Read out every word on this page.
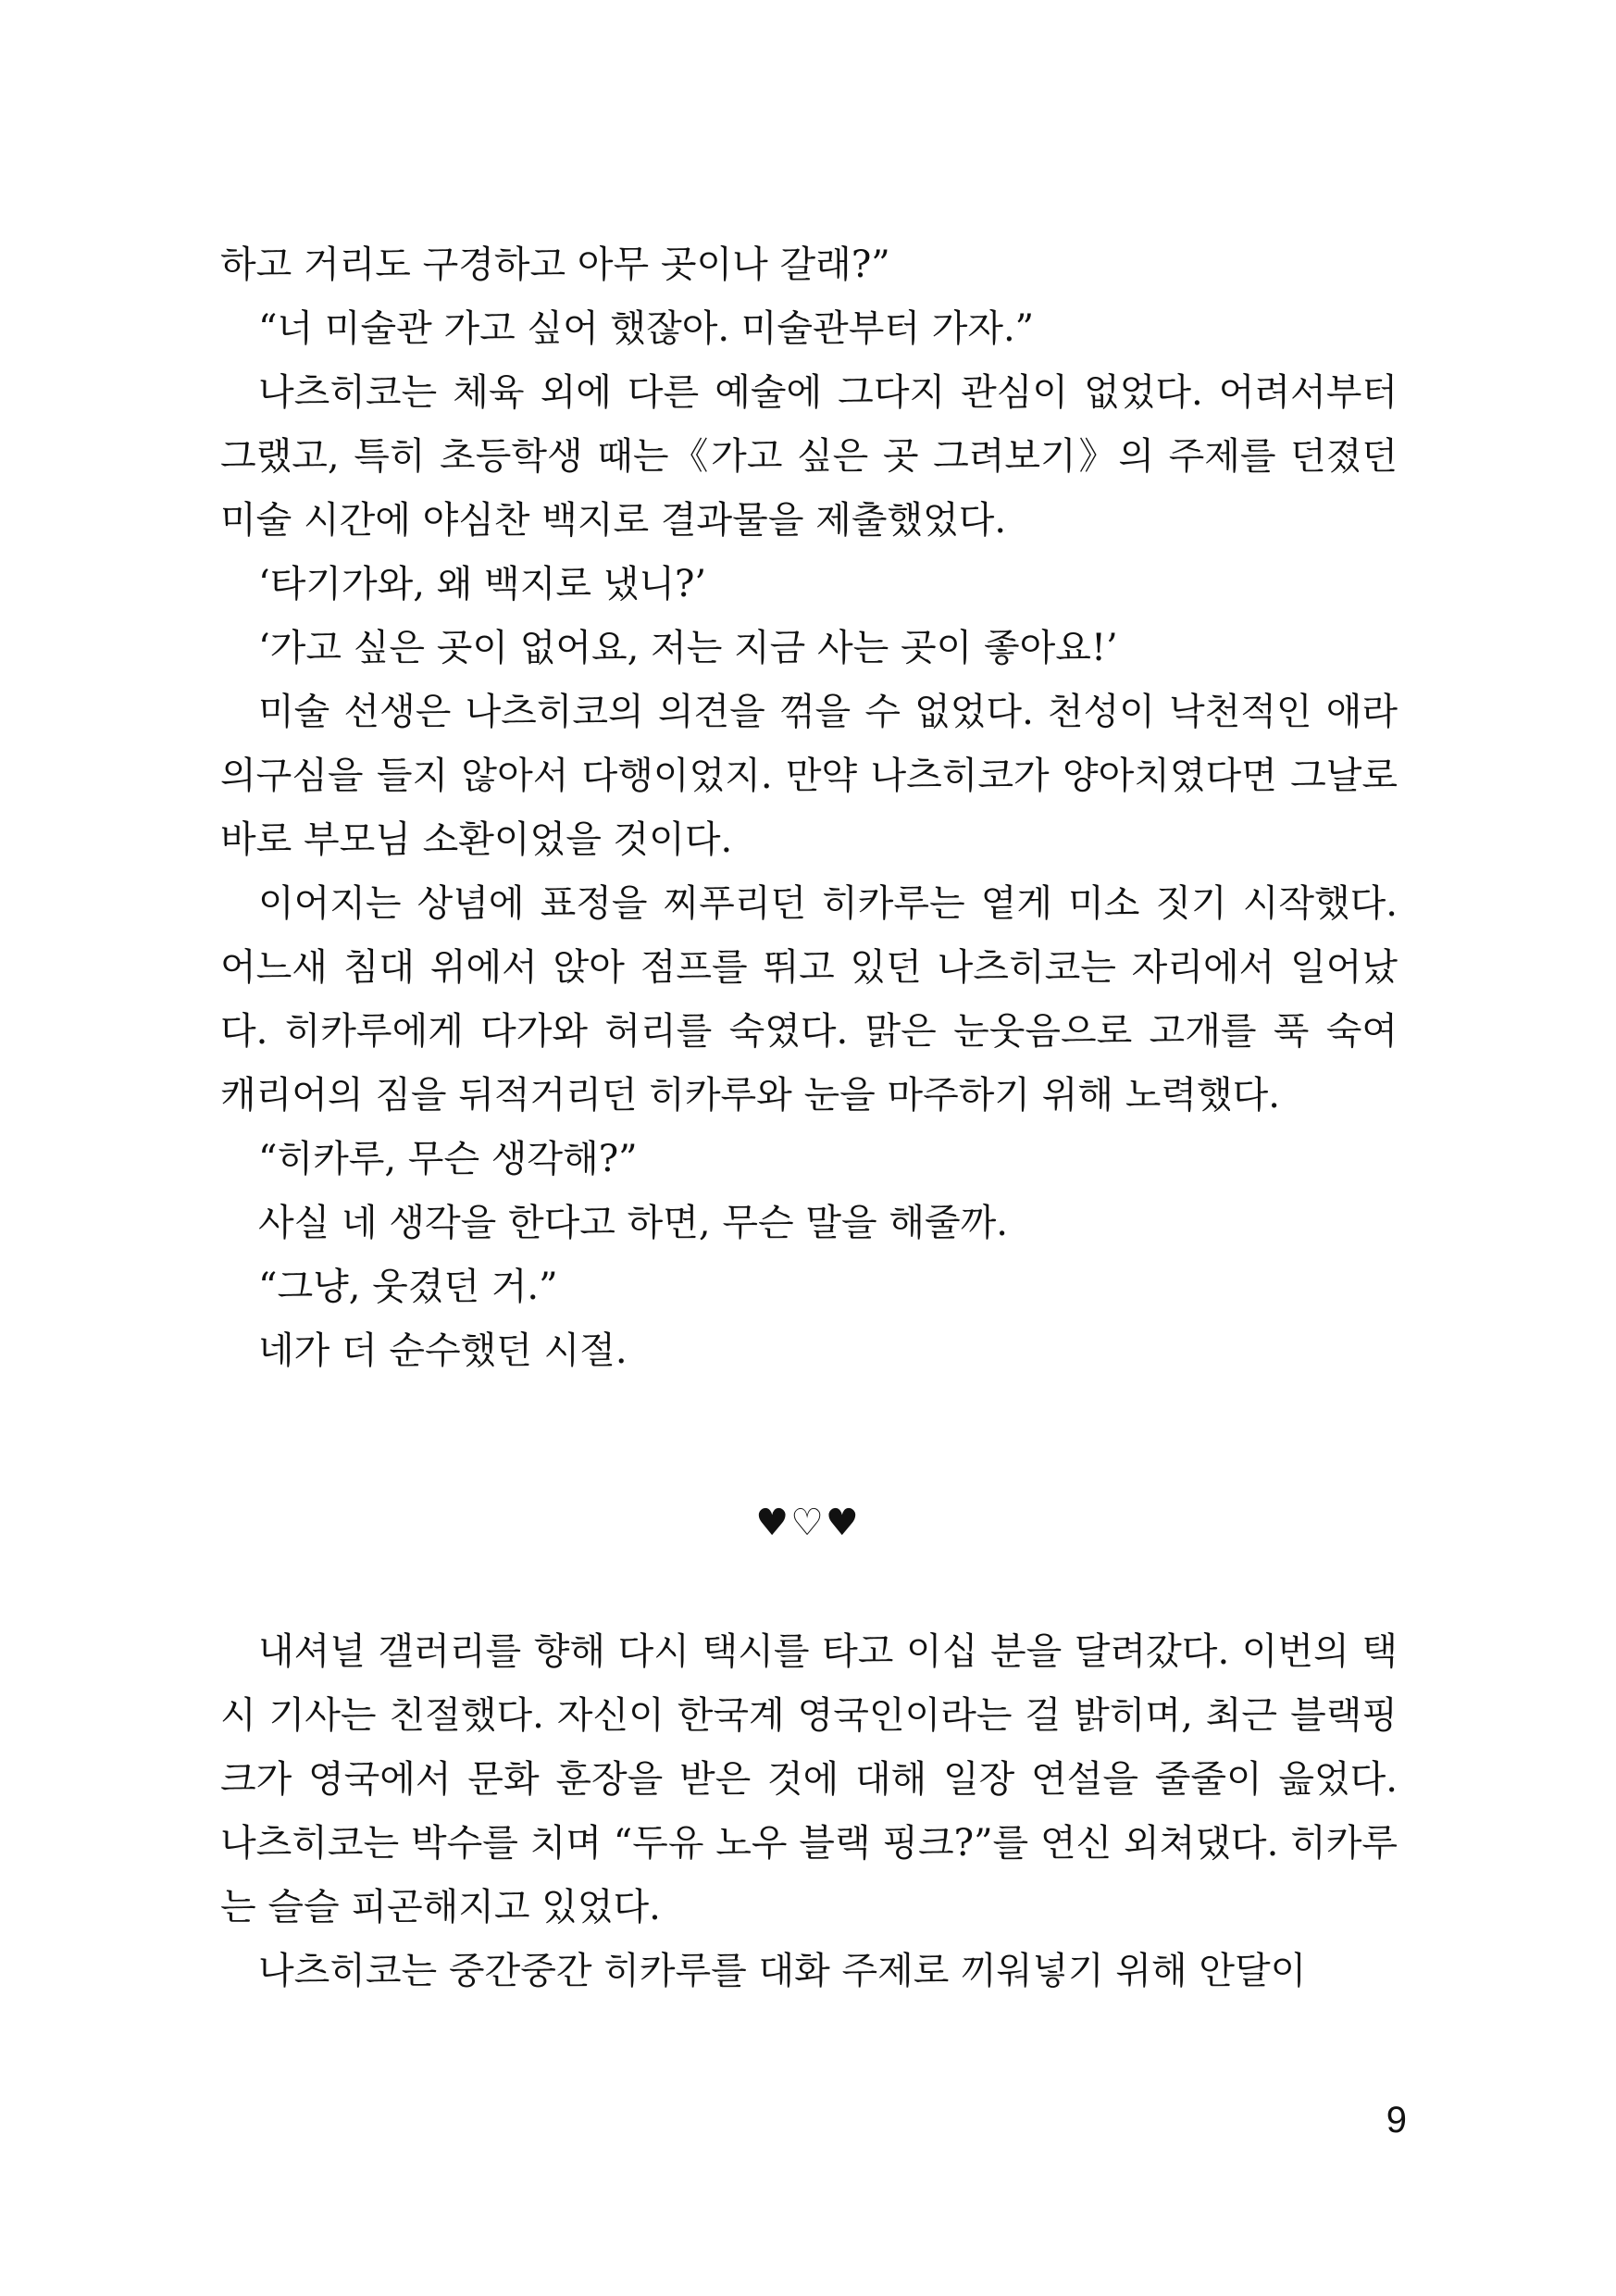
하고 거리도 구경하고 아무 곳이나 갈래?”

“너 미술관 가고 싶어 했잖아. 미술관부터 가자.”

나츠히코는 체육 외에 다른 예술에 그다지 관심이 없었다. 어려서부터 그랬고, 특히 초등학생 때는《가고 싶은 곳 그려보기》의 주제를 던졌던 미술 시간에 야심찬 백지로 결과물을 제출했었다.

‘타기가와, 왜 백지로 냈니?’

‘가고 싶은 곳이 없어요, 저는 지금 사는 곳이 좋아요!’

미술 선생은 나츠히코의 의견을 꺾을 수 없었다. 천성이 낙천적인 애라 의구심을 들지 않아서 다행이었지. 만약 나츠히코가 양아치였다면 그날로 바로 부모님 소환이었을 것이다.

이어지는 상념에 표정을 찌푸리던 히카루는 옅게 미소 짓기 시작했다. 어느새 침대 위에서 앉아 점프를 뛰고 있던 나츠히코는 자리에서 일어났다. 히카루에게 다가와 허리를 숙였다. 맑은 눈웃음으로 고개를 푹 숙여 캐리어의 짐을 뒤적거리던 히카루와 눈을 마주하기 위해 노력했다.

“히카루, 무슨 생각해?”

사실 네 생각을 한다고 하면, 무슨 말을 해줄까.

“그냥, 웃겼던 거.”

네가 더 순수했던 시절.

♥♡♥

내셔널 갤러리를 향해 다시 택시를 타고 이십 분을 달려갔다. 이번의 택시 기사는 친절했다. 자신이 한국계 영국인이라는 걸 밝히며, 최근 블랙핑크가 영국에서 문화 훈장을 받은 것에 대해 일장 연설을 줄줄이 읊었다. 나츠히코는 박수를 치며 “두유 노우 블랙 핑크?”를 연신 외쳐댔다. 히카루는 슬슬 피곤해지고 있었다.

나츠히코는 중간중간 히카루를 대화 주제로 끼워넣기 위해 안달이

9
